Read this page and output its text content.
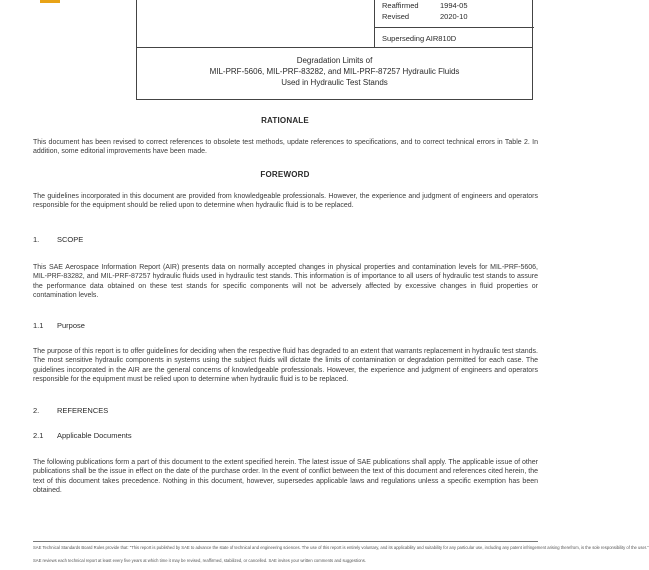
Reaffirmed	1994-05
Revised	2020-10
Superseding AIR810D
Degradation Limits of
MIL-PRF-5606, MIL-PRF-83282, and MIL-PRF-87257 Hydraulic Fluids
Used in Hydraulic Test Stands
RATIONALE
This document has been revised to correct references to obsolete test methods, update references to specifications, and to correct technical errors in Table 2. In addition, some editorial improvements have been made.
FOREWORD
The guidelines incorporated in this document are provided from knowledgeable professionals. However, the experience and judgment of engineers and operators responsible for the equipment should be relied upon to determine when hydraulic fluid is to be replaced.
1.	SCOPE
This SAE Aerospace Information Report (AIR) presents data on normally accepted changes in physical properties and contamination levels for MIL-PRF-5606, MIL-PRF-83282, and MIL-PRF-87257 hydraulic fluids used in hydraulic test stands. This information is of importance to all users of hydraulic test stands to assure the performance data obtained on these test stands for specific components will not be adversely affected by excessive changes in fluid properties or contamination levels.
1.1	Purpose
The purpose of this report is to offer guidelines for deciding when the respective fluid has degraded to an extent that warrants replacement in hydraulic test stands. The most sensitive hydraulic components in systems using the subject fluids will dictate the limits of contamination or degradation permitted for each case. The guidelines incorporated in the AIR are the general concerns of knowledgeable professionals. However, the experience and judgment of engineers and operators responsible for the equipment must be relied upon to determine when hydraulic fluid is to be replaced.
2.	REFERENCES
2.1	Applicable Documents
The following publications form a part of this document to the extent specified herein. The latest issue of SAE publications shall apply. The applicable issue of other publications shall be the issue in effect on the date of the purchase order. In the event of conflict between the text of this document and references cited herein, the text of this document takes precedence. Nothing in this document, however, supersedes applicable laws and regulations unless a specific exemption has been obtained.
SAE Technical Standards Board Rules provide that: "This report is published by SAE to advance the state of technical and engineering sciences. The use of this report is entirely voluntary, and its applicability and suitability for any particular use, including any patent infringement arising therefrom, is the sole responsibility of the user."
SAE reviews each technical report at least every five years at which time it may be revised, reaffirmed, stabilized, or cancelled. SAE invites your written comments and suggestions.
